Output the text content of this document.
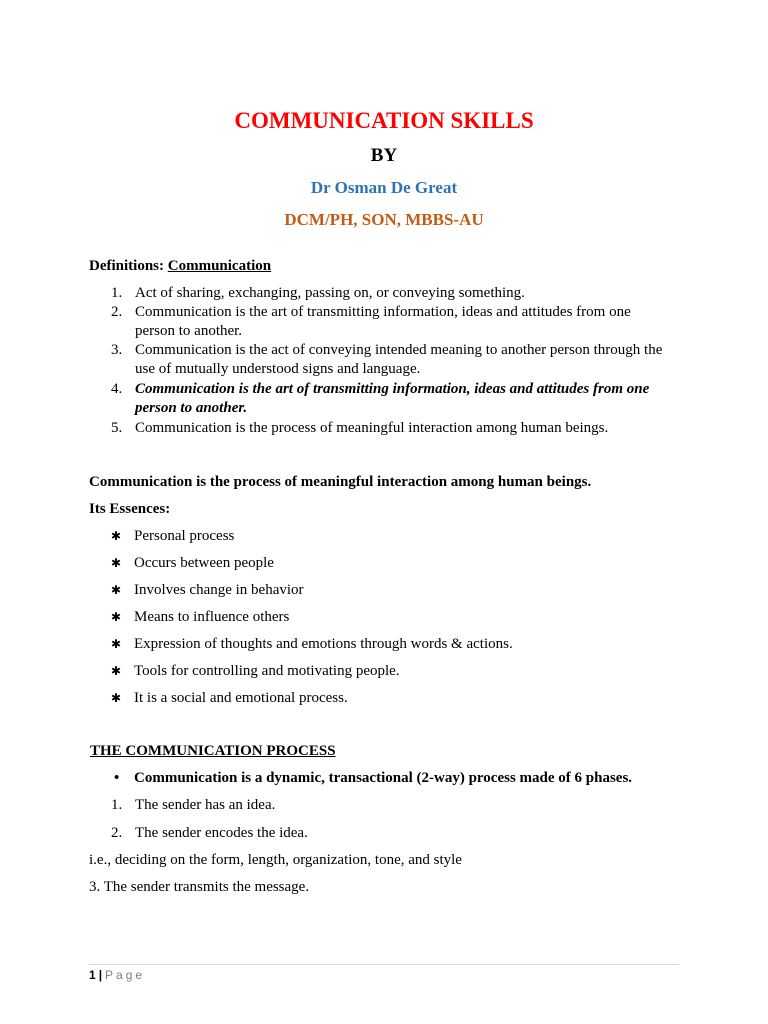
COMMUNICATION SKILLS
BY
Dr Osman De Great
DCM/PH, SON, MBBS-AU
Definitions: Communication
1. Act of sharing, exchanging, passing on, or conveying something.
2. Communication is the art of transmitting information, ideas and attitudes from one person to another.
3. Communication is the act of conveying intended meaning to another person through the use of mutually understood signs and language.
4. Communication is the art of transmitting information, ideas and attitudes from one person to another.
5. Communication is the process of meaningful interaction among human beings.
Communication is the process of meaningful interaction among human beings.
Its Essences:
✱ Personal process
✱ Occurs between people
✱ Involves change in behavior
✱ Means to influence others
✱ Expression of thoughts and emotions through words & actions.
✱ Tools for controlling and motivating people.
✱ It is a social and emotional process.
THE COMMUNICATION PROCESS
• Communication is a dynamic, transactional (2-way) process made of 6 phases.
1. The sender has an idea.
2. The sender encodes the idea.
i.e., deciding on the form, length, organization, tone, and style
3. The sender transmits the message.
1 | Page
